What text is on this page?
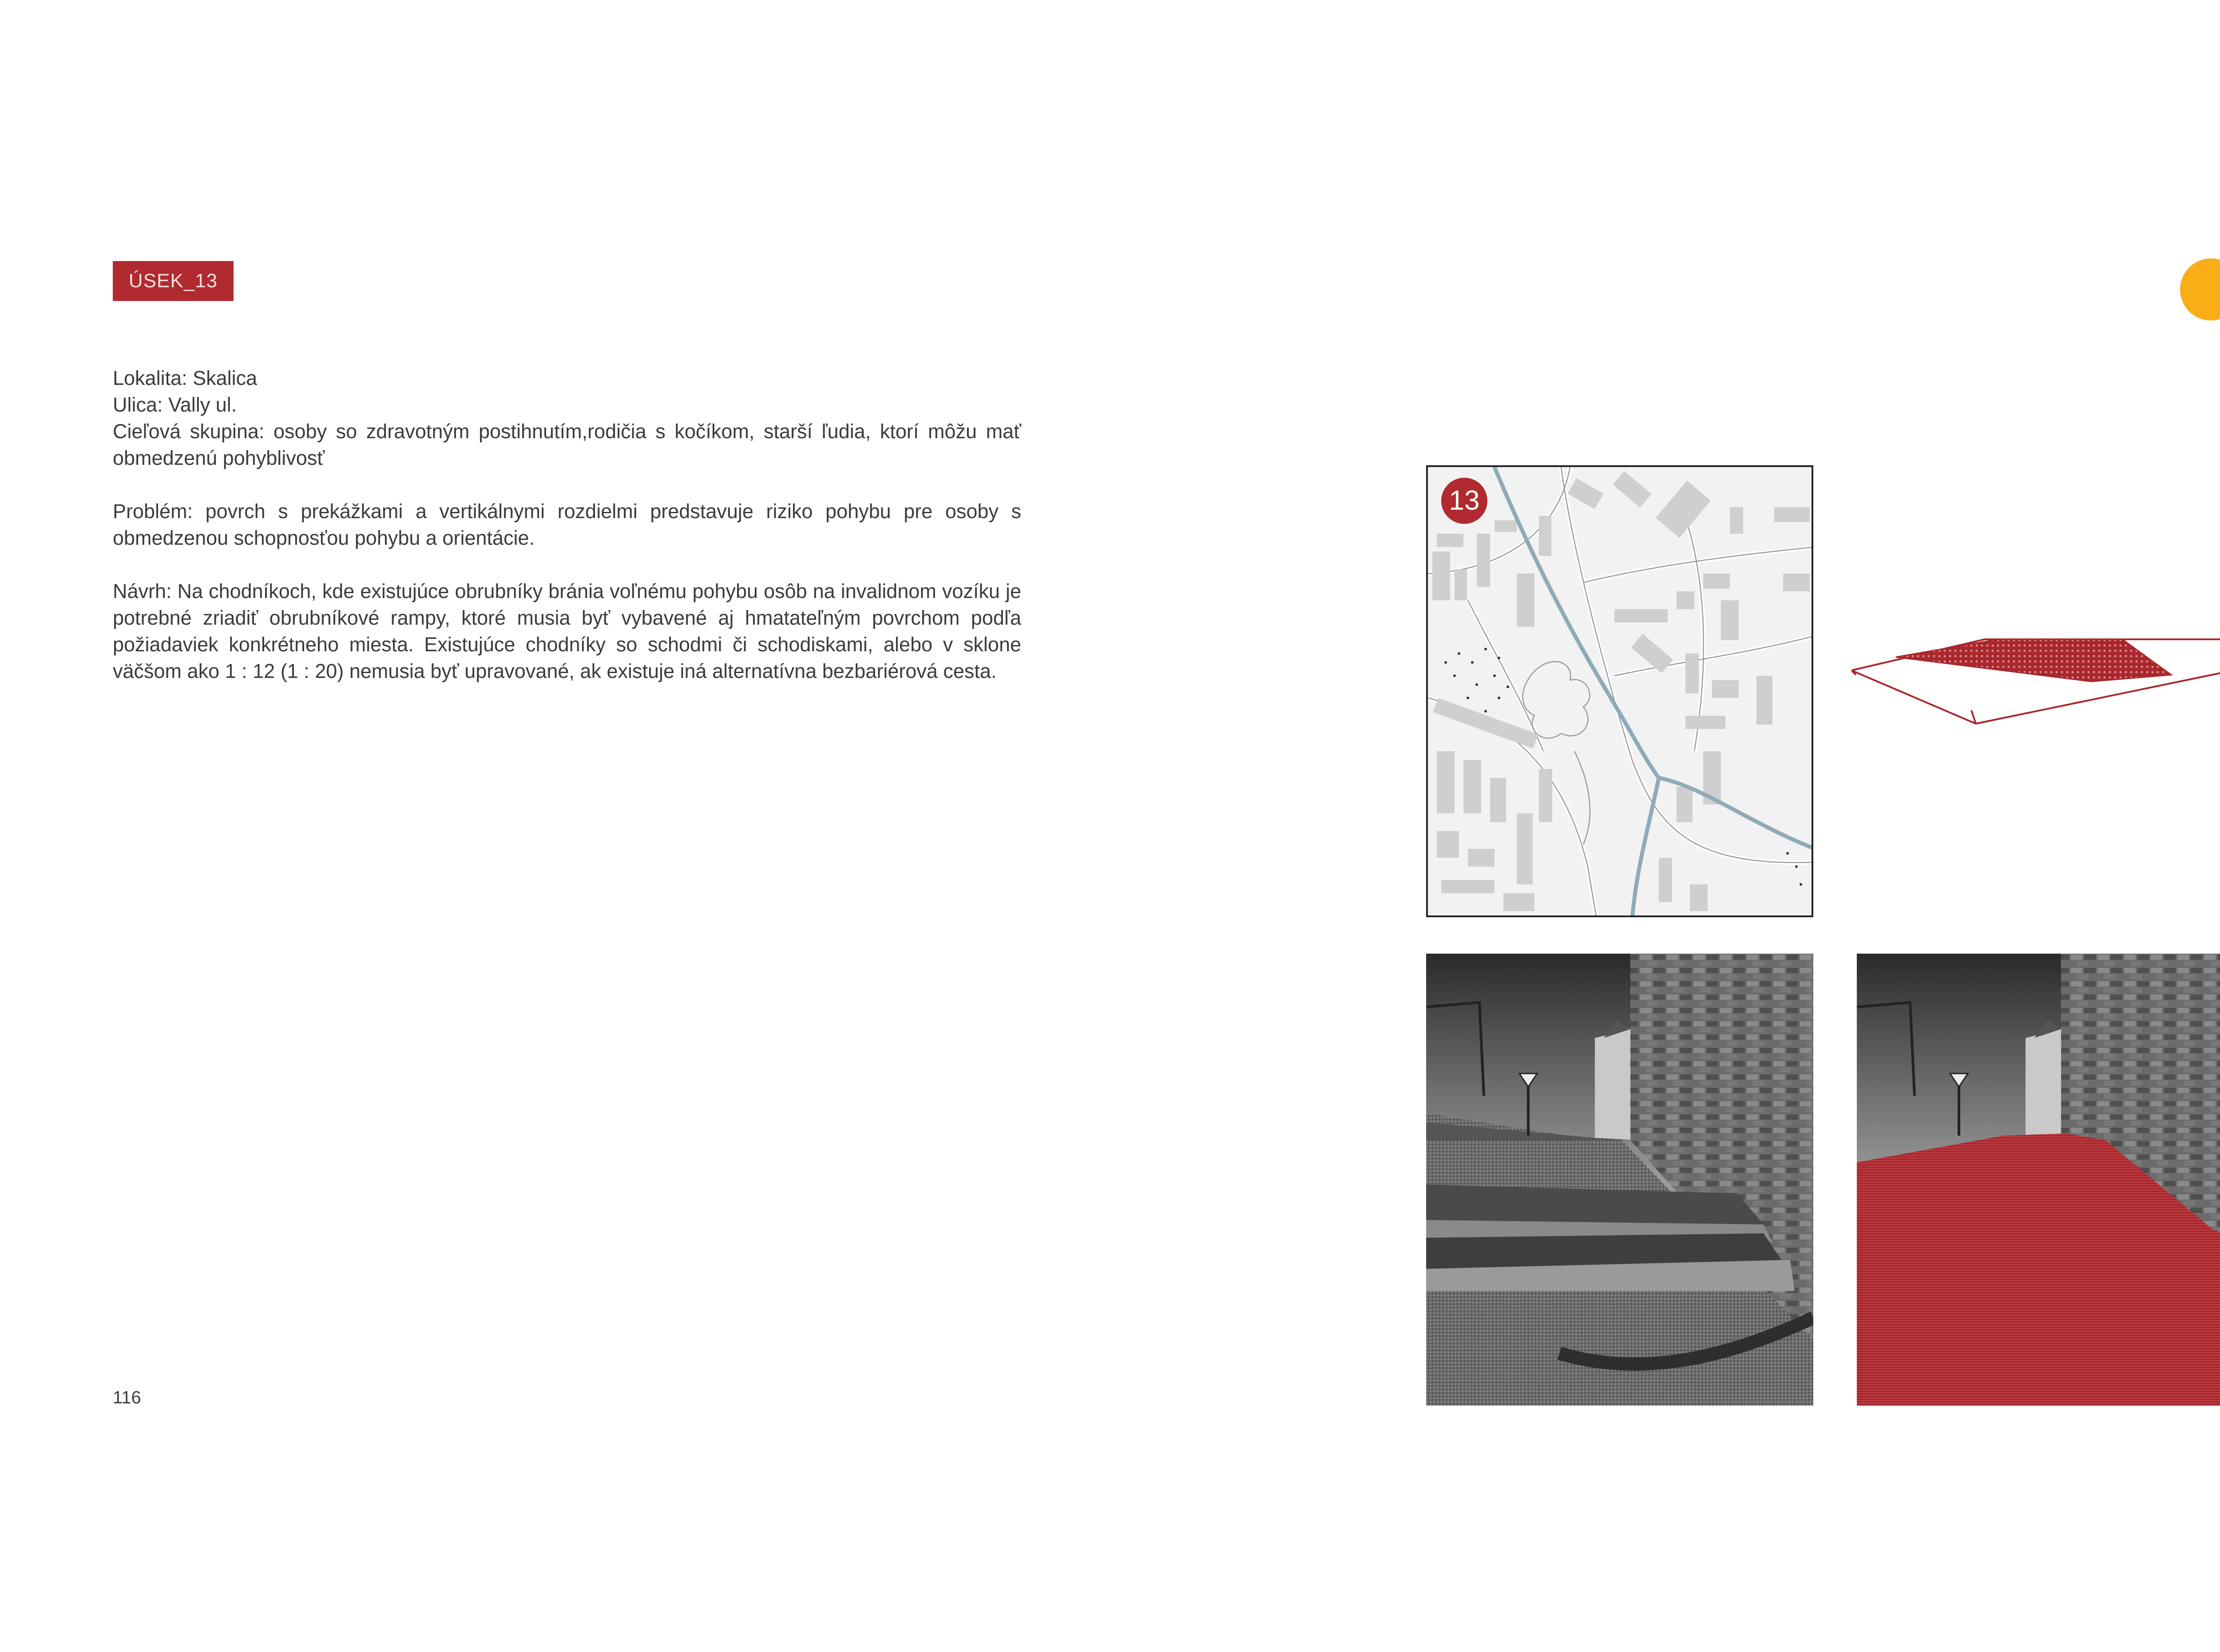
ÚSEK_13

Lokalita: Skalica

Ulica: Vally ul.

Cieľová skupina: osoby so zdravotným postihnutím,rodičia s kočíkom, starší ľudia, ktorí môžu mať obmedzenú pohyblivosť

Problém: povrch s prekážkami a vertikálnymi rozdielmi predstavuje riziko pohybu pre osoby s obmedzenou schopnosťou pohybu a orientácie.

Návrh: Na chodníkoch, kde existujúce obrubníky bránia voľnému pohybu osôb na invalidnom vozíku je potrebné zriadiť obrubníkové rampy, ktoré musia byť vybavené aj hmatateľným povrchom podľa požiadaviek konkrétneho miesta. Existujúce chodníky so schodmi či schodiskami, alebo v sklone väčšom ako 1 : 12 (1 : 20) nemusia byť upravované, ak existuje iná alternatívna bezbariérová cesta.

116
13
